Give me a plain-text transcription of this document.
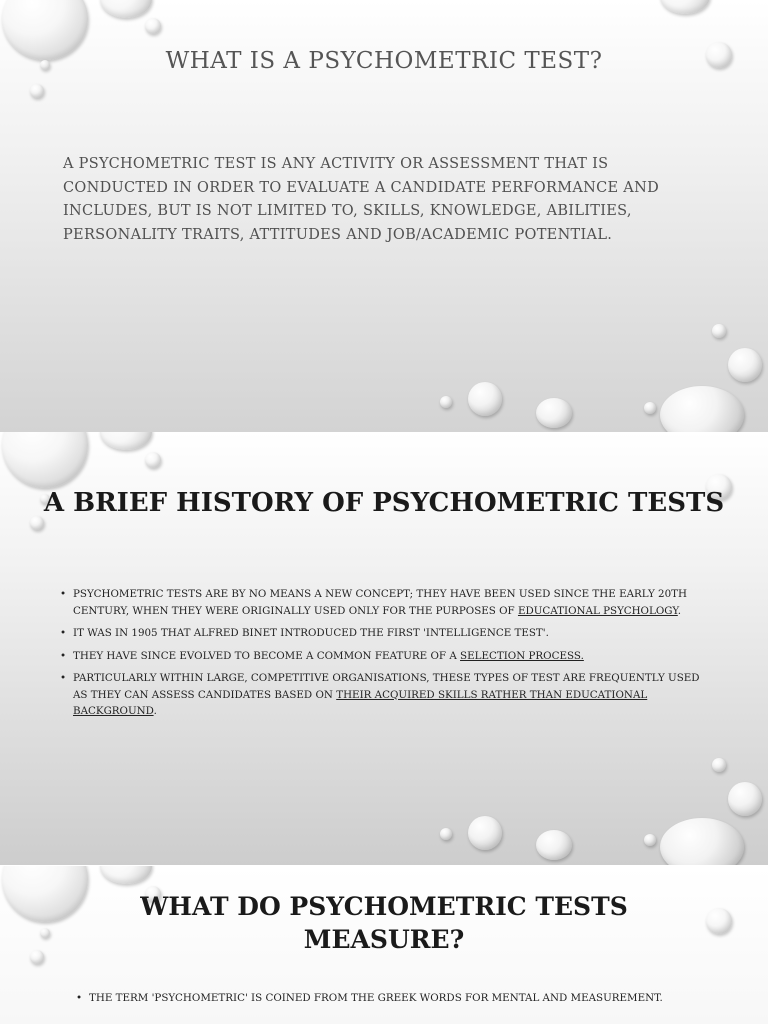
WHAT IS A PSYCHOMETRIC TEST?
A PSYCHOMETRIC TEST IS ANY ACTIVITY OR ASSESSMENT THAT IS CONDUCTED IN ORDER TO EVALUATE A CANDIDATE PERFORMANCE AND INCLUDES, BUT IS NOT LIMITED TO, SKILLS, KNOWLEDGE, ABILITIES, PERSONALITY TRAITS, ATTITUDES AND JOB/ACADEMIC POTENTIAL.
A BRIEF HISTORY OF PSYCHOMETRIC TESTS
• PSYCHOMETRIC TESTS ARE BY NO MEANS A NEW CONCEPT; THEY HAVE BEEN USED SINCE THE EARLY 20TH CENTURY, WHEN THEY WERE ORIGINALLY USED ONLY FOR THE PURPOSES OF EDUCATIONAL PSYCHOLOGY.
• IT WAS IN 1905 THAT ALFRED BINET INTRODUCED THE FIRST 'INTELLIGENCE TEST'.
• THEY HAVE SINCE EVOLVED TO BECOME A COMMON FEATURE OF A SELECTION PROCESS.
• PARTICULARLY WITHIN LARGE, COMPETITIVE ORGANISATIONS, THESE TYPES OF TEST ARE FREQUENTLY USED AS THEY CAN ASSESS CANDIDATES BASED ON THEIR ACQUIRED SKILLS RATHER THAN EDUCATIONAL BACKGROUND.
WHAT DO PSYCHOMETRIC TESTS
MEASURE?
• THE TERM 'PSYCHOMETRIC' IS COINED FROM THE GREEK WORDS FOR MENTAL AND MEASUREMENT.
